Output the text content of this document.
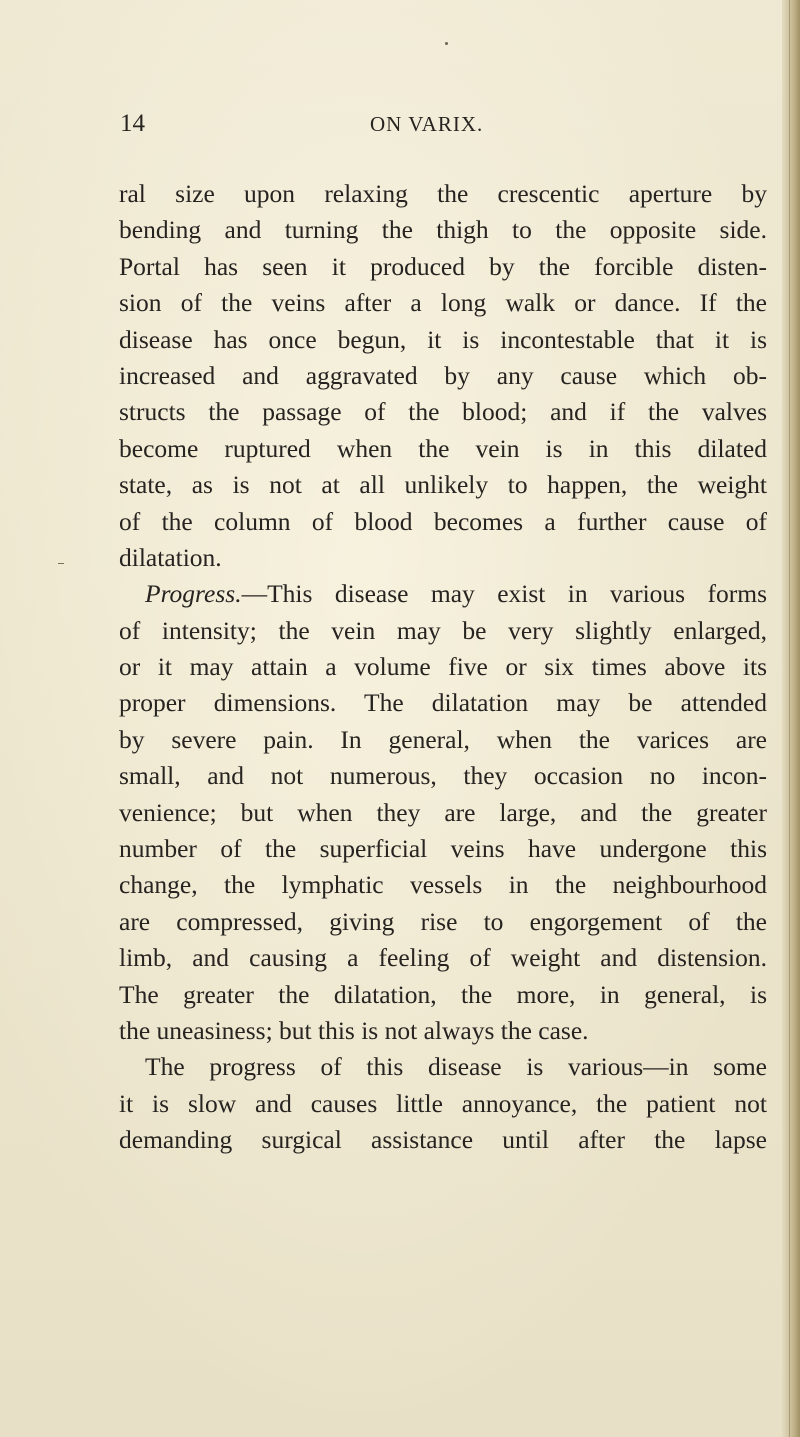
14	ON VARIX.
ral size upon relaxing the crescentic aperture by
bending and turning the thigh to the opposite side.
Portal has seen it produced by the forcible disten-
sion of the veins after a long walk or dance. If the
disease has once begun, it is incontestable that it is
increased and aggravated by any cause which ob-
structs the passage of the blood; and if the valves
become ruptured when the vein is in this dilated
state, as is not at all unlikely to happen, the weight
of the column of blood becomes a further cause of
dilatation.
Progress.—This disease may exist in various forms
of intensity; the vein may be very slightly enlarged,
or it may attain a volume five or six times above its
proper dimensions. The dilatation may be attended
by severe pain. In general, when the varices are
small, and not numerous, they occasion no incon-
venience; but when they are large, and the greater
number of the superficial veins have undergone this
change, the lymphatic vessels in the neighbourhood
are compressed, giving rise to engorgement of the
limb, and causing a feeling of weight and distension.
The greater the dilatation, the more, in general, is
the uneasiness; but this is not always the case.
The progress of this disease is various—in some
it is slow and causes little annoyance, the patient not
demanding surgical assistance until after the lapse
